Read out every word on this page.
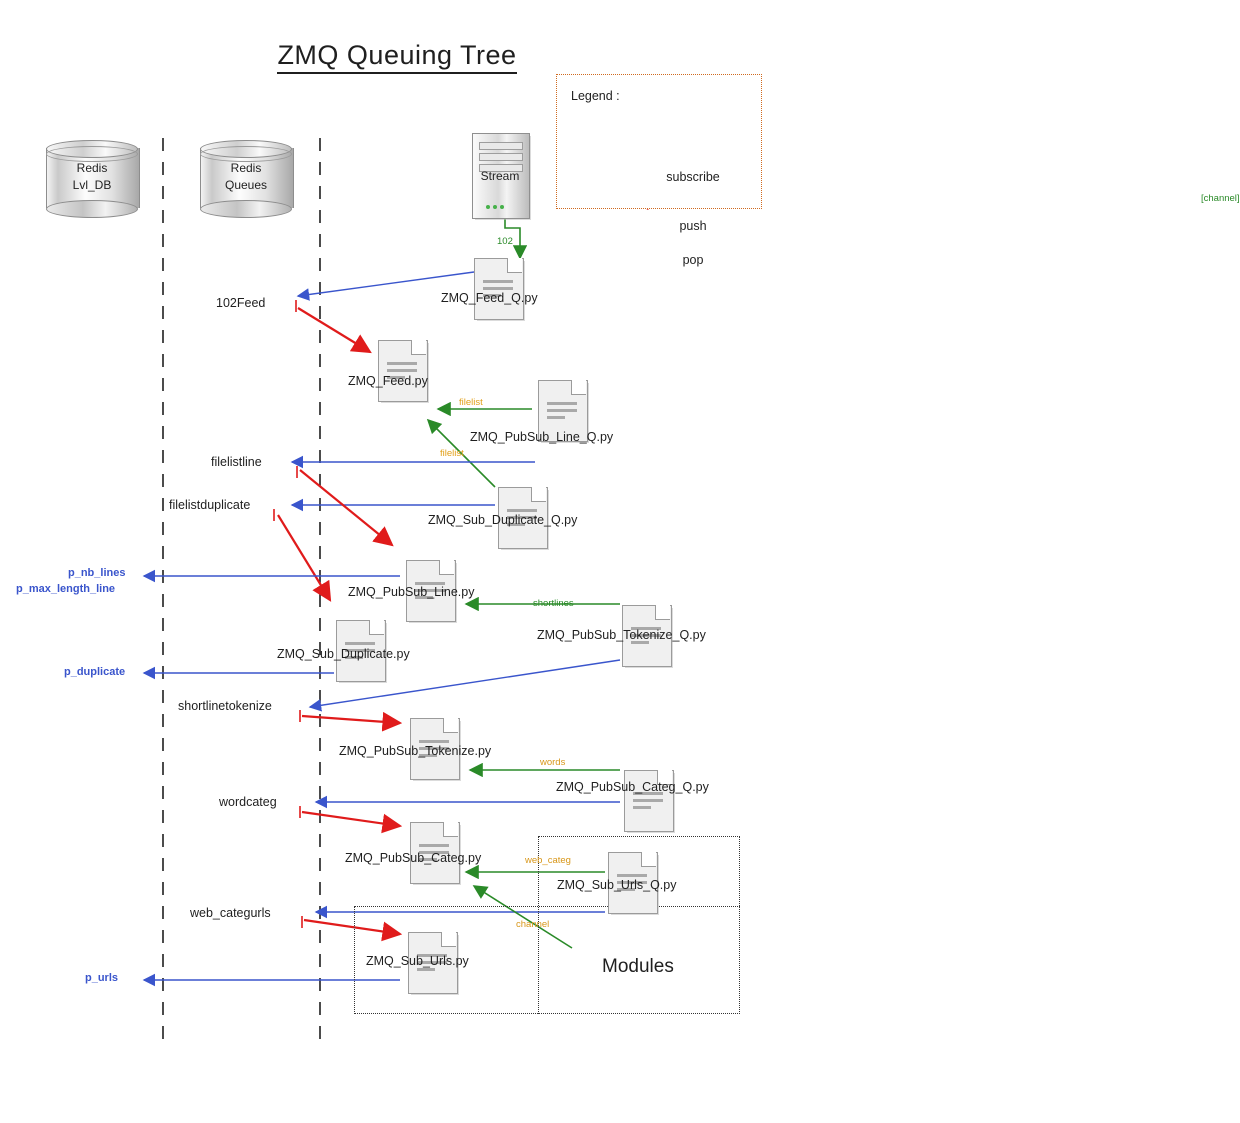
ZMQ Queuing Tree
Legend :
subscribe
[channel]
push
pop
Redis
Lvl_DB
Redis
Queues
Stream
102
Modules
ZMQ_Feed_Q.py
ZMQ_Feed.py
ZMQ_PubSub_Line_Q.py
ZMQ_Sub_Duplicate_Q.py
ZMQ_PubSub_Line.py
ZMQ_PubSub_Tokenize_Q.py
ZMQ_Sub_Duplicate.py
ZMQ_PubSub_Tokenize.py
ZMQ_PubSub_Categ_Q.py
ZMQ_PubSub_Categ.py
ZMQ_Sub_Urls_Q.py
ZMQ_Sub_Urls.py
102Feed
filelistline
filelistduplicate
shortlinetokenize
wordcateg
web_categurls
p_nb_lines
p_max_length_line
p_duplicate
p_urls
filelist
filelist
shortlines
words
web_categ
channel
